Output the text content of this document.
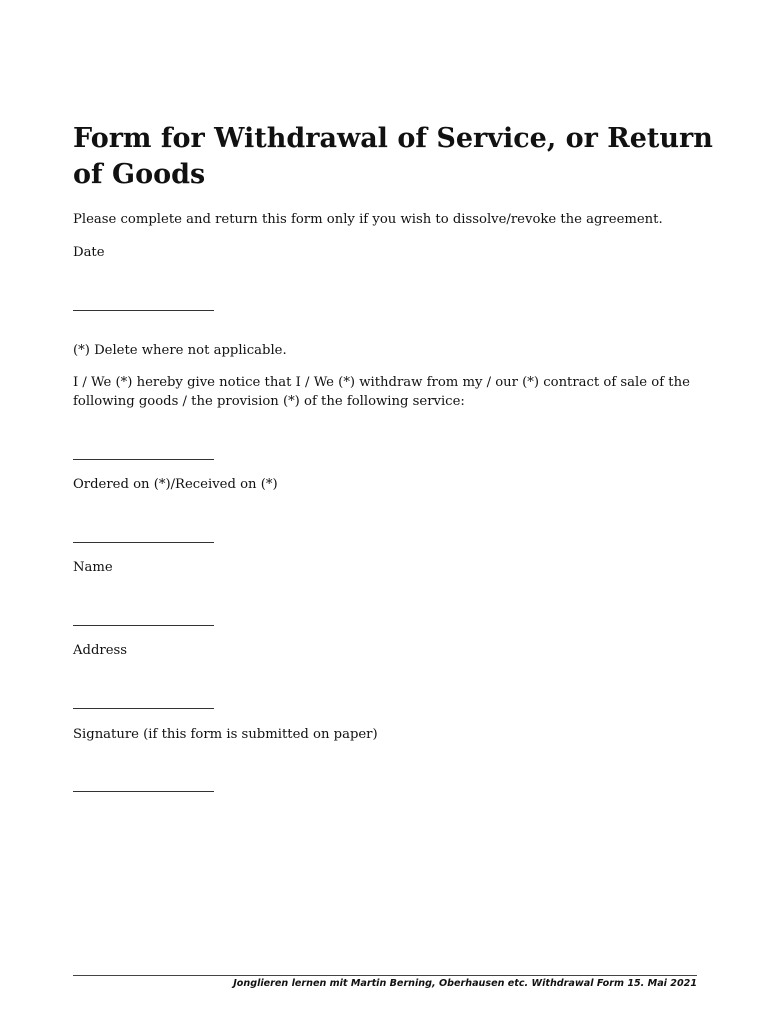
Form for Withdrawal of Service, or Return of Goods

Please complete and return this form only if you wish to dissolve/revoke the agreement.

Date

(*) Delete where not applicable.

I / We (*) hereby give notice that I / We (*) withdraw from my / our (*) contract of sale of the following goods / the provision (*) of the following service:

Ordered on (*)/Received on (*)

Name

Address

Signature (if this form is submitted on paper)

Jonglieren lernen mit Martin Berning, Oberhausen etc. Withdrawal Form 15. Mai 2021
